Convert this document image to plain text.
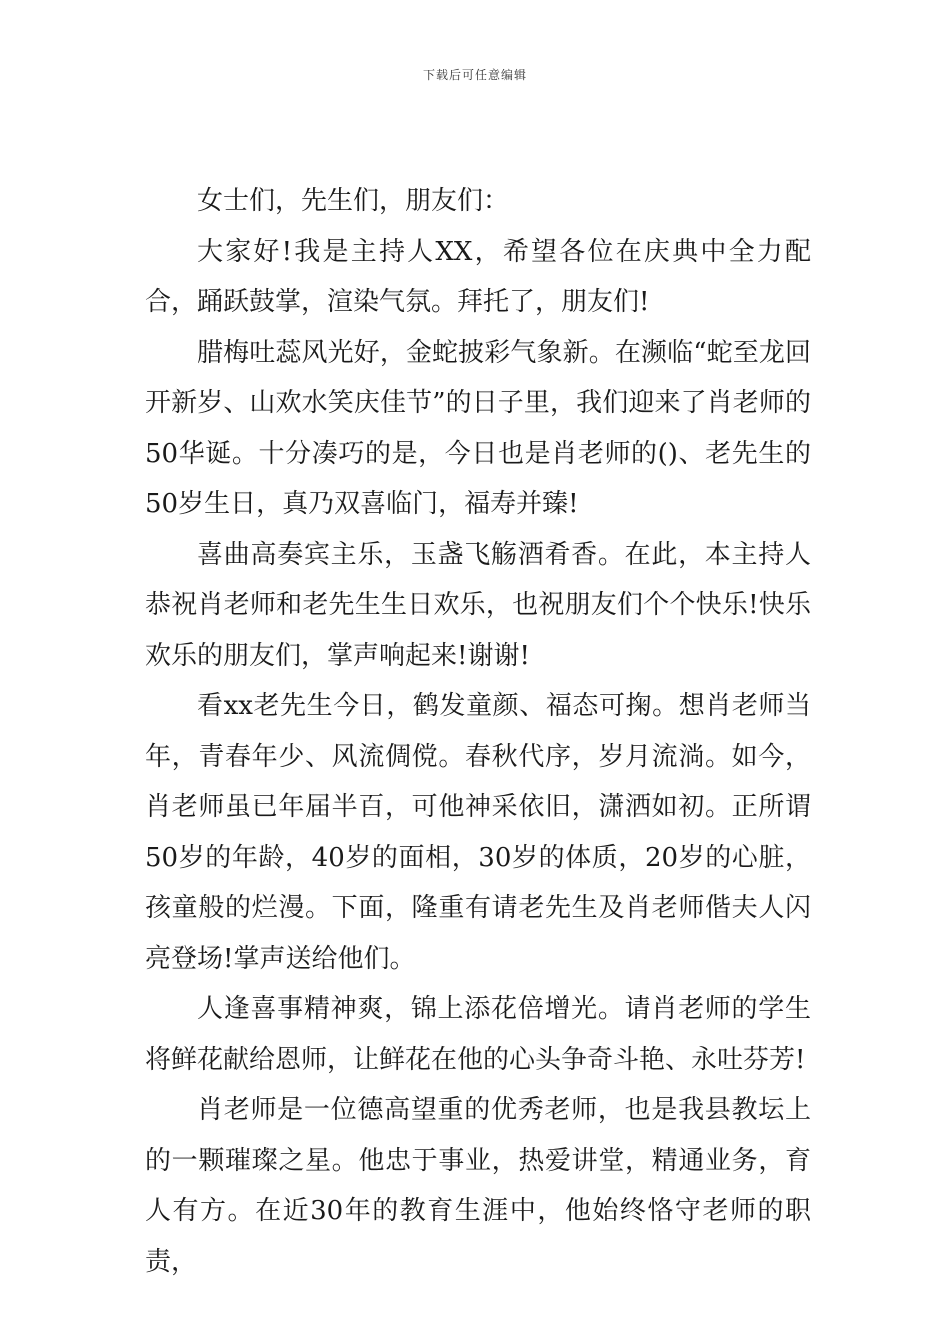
下载后可任意编辑

女士们，先生们，朋友们：

大家好!我是主持人XX，希望各位在庆典中全力配合，踊跃鼓掌，渲染气氛。拜托了，朋友们!

腊梅吐蕊风光好，金蛇披彩气象新。在濒临“蛇至龙回开新岁、山欢水笑庆佳节”的日子里，我们迎来了肖老师的50华诞。十分凑巧的是，今日也是肖老师的()、老先生的50岁生日，真乃双喜临门，福寿并臻!

喜曲高奏宾主乐，玉盏飞觞酒肴香。在此，本主持人恭祝肖老师和老先生生日欢乐，也祝朋友们个个快乐!快乐欢乐的朋友们，掌声响起来!谢谢!

看xx老先生今日，鹤发童颜、福态可掬。想肖老师当年，青春年少、风流倜傥。春秋代序，岁月流淌。如今，肖老师虽已年届半百，可他神采依旧，潇洒如初。正所谓50岁的年龄，40岁的面相，30岁的体质，20岁的心脏，孩童般的烂漫。下面，隆重有请老先生及肖老师偕夫人闪亮登场!掌声送给他们。

人逢喜事精神爽，锦上添花倍增光。请肖老师的学生将鲜花献给恩师，让鲜花在他的心头争奇斗艳、永吐芬芳!

肖老师是一位德高望重的优秀老师，也是我县教坛上的一颗璀璨之星。他忠于事业，热爱讲堂，精通业务，育人有方。在近30年的教育生涯中，他始终恪守老师的职责，
